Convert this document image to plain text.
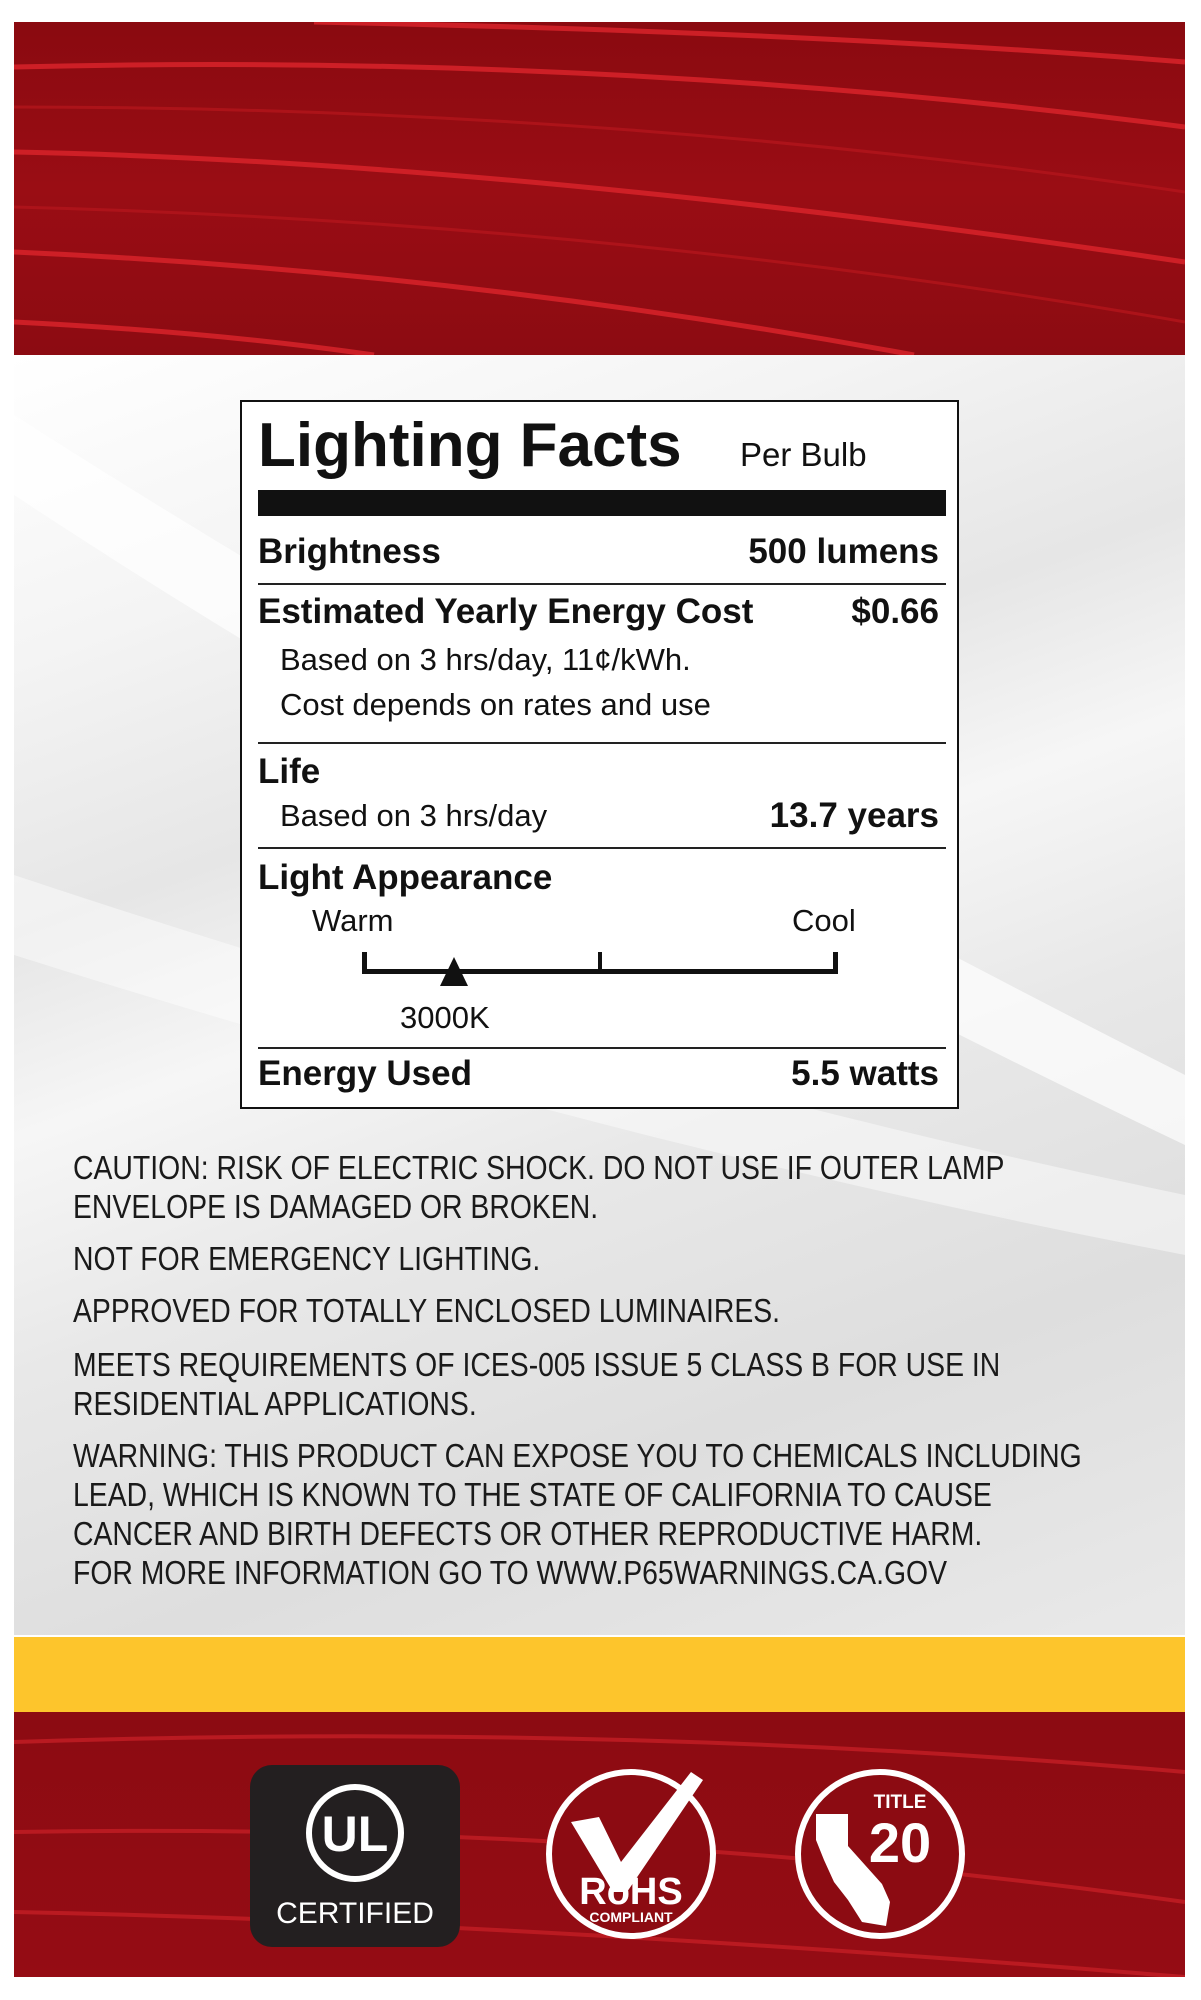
Lighting Facts Per Bulb
Brightness	500 lumens
Estimated Yearly Energy Cost	$0.66
Based on 3 hrs/day, 11¢/kWh.
Cost depends on rates and use
Life
Based on 3 hrs/day	13.7 years
Light Appearance
Warm	Cool
3000K
Energy Used	5.5 watts
CAUTION: RISK OF ELECTRIC SHOCK. DO NOT USE IF OUTER LAMP
ENVELOPE IS DAMAGED OR BROKEN.
NOT FOR EMERGENCY LIGHTING.
APPROVED FOR TOTALLY ENCLOSED LUMINAIRES.
MEETS REQUIREMENTS OF ICES-005 ISSUE 5 CLASS B FOR USE IN
RESIDENTIAL APPLICATIONS.
WARNING: THIS PRODUCT CAN EXPOSE YOU TO CHEMICALS INCLUDING
LEAD, WHICH IS KNOWN TO THE STATE OF CALIFORNIA TO CAUSE
CANCER AND BIRTH DEFECTS OR OTHER REPRODUCTIVE HARM.
FOR MORE INFORMATION GO TO WWW.P65WARNINGS.CA.GOV
UL
CERTIFIED
RoHS
COMPLIANT
TITLE
20
